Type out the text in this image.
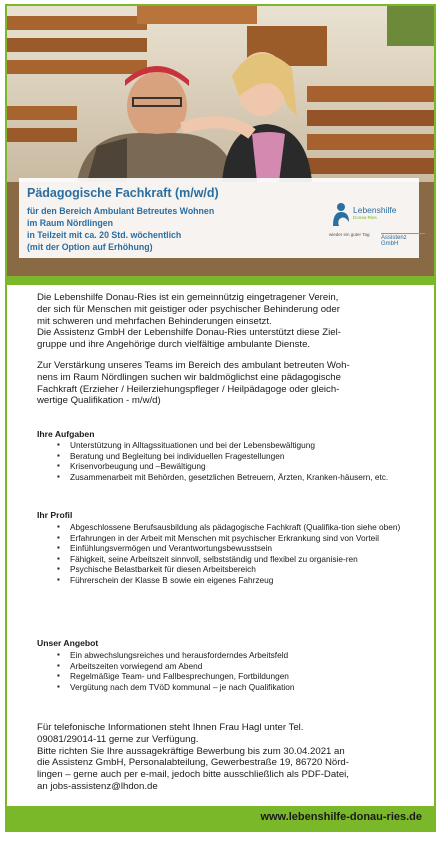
Pädagogische Fachkraft (m/w/d)
für den Bereich Ambulant Betreutes Wohnen
im Raum Nördlingen
in Teilzeit mit ca. 20 Std. wöchentlich
(mit der Option auf Erhöhung)
Lebenshilfe
Donau-Ries
wieder ein guter Tag
Assistenz GmbH
Die Lebenshilfe Donau-Ries ist ein gemeinnützig eingetragener Verein,
der sich für Menschen mit geistiger oder psychischer Behinderung oder
mit schweren und mehrfachen Behinderungen einsetzt.
Die Assistenz GmbH der Lebenshilfe Donau-Ries unterstützt diese Ziel-
gruppe und ihre Angehörige durch vielfältige ambulante Dienste.
Zur Verstärkung unseres Teams im Bereich des ambulant betreuten Woh-
nens im Raum Nördlingen suchen wir baldmöglichst eine pädagogische
Fachkraft (Erzieher / Heilerziehungspfleger / Heilpädagoge oder gleich-
wertige Qualifikation - m/w/d)
Ihre Aufgaben
▪ Unterstützung in Alltagssituationen und bei der Lebensbewältigung
▪ Beratung und Begleitung bei individuellen Fragestellungen
▪ Krisenvorbeugung und –Bewältigung
▪ Zusammenarbeit mit Behörden, gesetzlichen Betreuern, Ärzten, Kranken-häusern, etc.
Ihr Profil
▪ Abgeschlossene Berufsausbildung als pädagogische Fachkraft (Qualifika-tion siehe oben)
▪ Erfahrungen in der Arbeit mit Menschen mit psychischer Erkrankung sind von Vorteil
▪ Einfühlungsvermögen und Verantwortungsbewusstsein
▪ Fähigkeit, seine Arbeitszeit sinnvoll, selbstständig und flexibel zu organisie-ren
▪ Psychische Belastbarkeit für diesen Arbeitsbereich
▪ Führerschein der Klasse B sowie ein eigenes Fahrzeug
Unser Angebot
▪ Ein abwechslungsreiches und herausforderndes Arbeitsfeld
▪ Arbeitszeiten vorwiegend am Abend
▪ Regelmäßige Team- und Fallbesprechungen, Fortbildungen
▪ Vergütung nach dem TVöD kommunal – je nach Qualifikation
Für telefonische Informationen steht Ihnen Frau Hagl unter Tel.
09081/29014-11 gerne zur Verfügung.
Bitte richten Sie Ihre aussagekräftige Bewerbung bis zum 30.04.2021 an
die Assistenz GmbH, Personalabteilung, Gewerbestraße 19, 86720 Nörd-
lingen – gerne auch per e-mail, jedoch bitte ausschließlich als PDF-Datei,
an jobs-assistenz@lhdon.de
www.lebenshilfe-donau-ries.de
